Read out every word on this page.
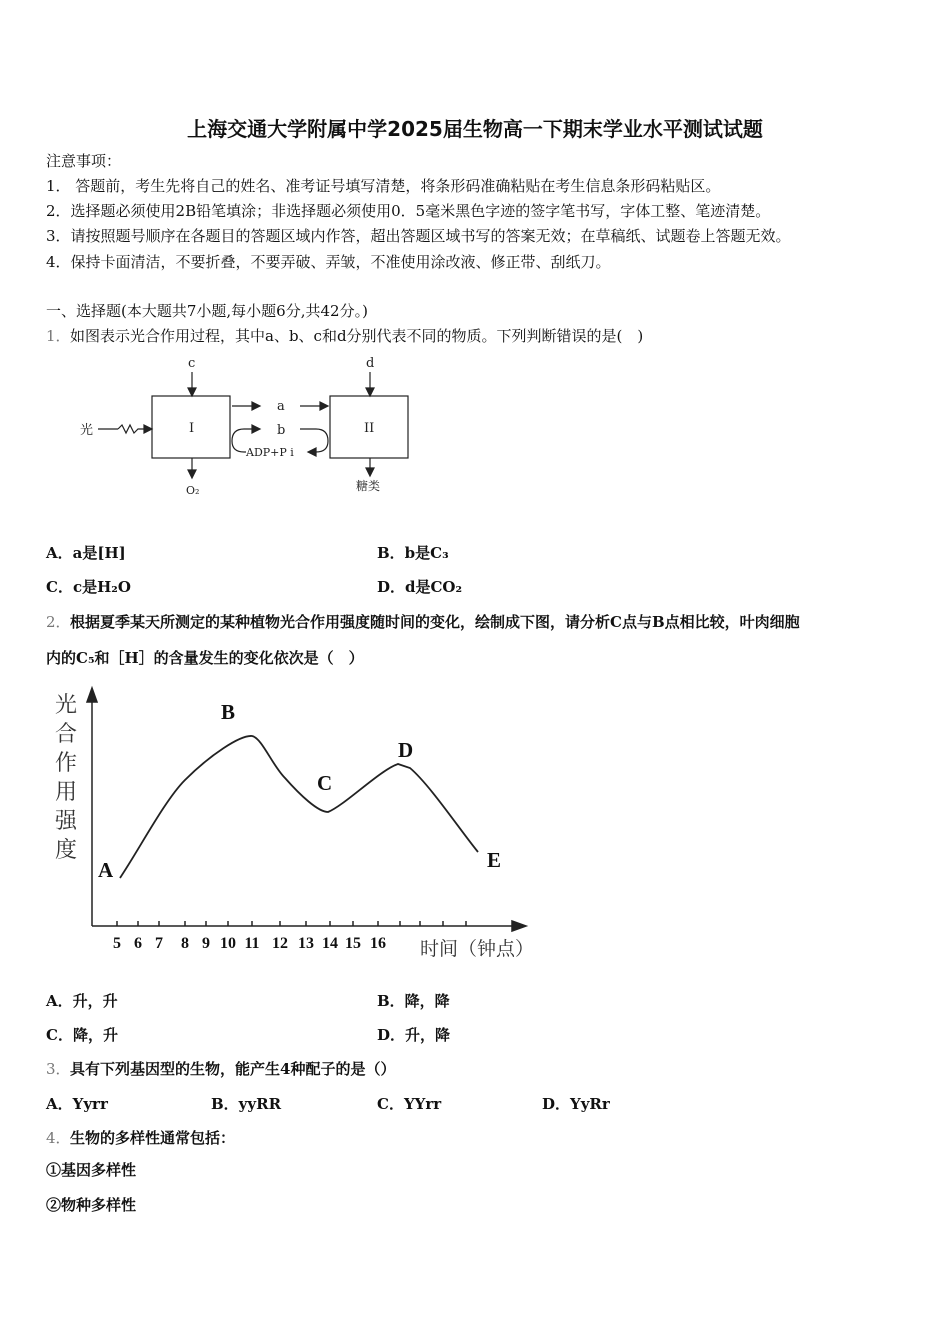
上海交通大学附属中学2025届生物高一下期末学业水平测试试题
注意事项：
1． 答题前，考生先将自己的姓名、准考证号填写清楚，将条形码准确粘贴在考生信息条形码粘贴区。
2．选择题必须使用2B铅笔填涂；非选择题必须使用0．5毫米黑色字迹的签字笔书写，字体工整、笔迹清楚。
3．请按照题号顺序在各题目的答题区域内作答，超出答题区域书写的答案无效；在草稿纸、试题卷上答题无效。
4．保持卡面清洁，不要折叠，不要弄破、弄皱，不准使用涂改液、修正带、刮纸刀。
一、选择题(本大题共7小题,每小题6分,共42分。)
1． 如图表示光合作用过程，其中a、b、c和d分别代表不同的物质。下列判断错误的是(　)
光
c	d
I	II
a
b
ADP+P i
O₂	糖类
A．a是[H]	B．b是C₃
C．c是H₂O	D．d是CO₂
2． 根据夏季某天所测定的某种植物光合作用强度随时间的变化，绘制成下图，请分析C点与B点相比较，叶肉细胞
内的C₅和［H］的含量发生的变化依次是（　）
光
合
作
用
强
度
5 6 7 8 9 10 11 12 13 14 15 16
A
B
C
D
E
时间（钟点）
A．升，升	B．降，降
C．降，升	D．升，降
3． 具有下列基因型的生物，能产生4种配子的是（）
A．Yyrr	B．yyRR	C．YYrr	D．YyRr
4． 生物的多样性通常包括：
①基因多样性
②物种多样性
